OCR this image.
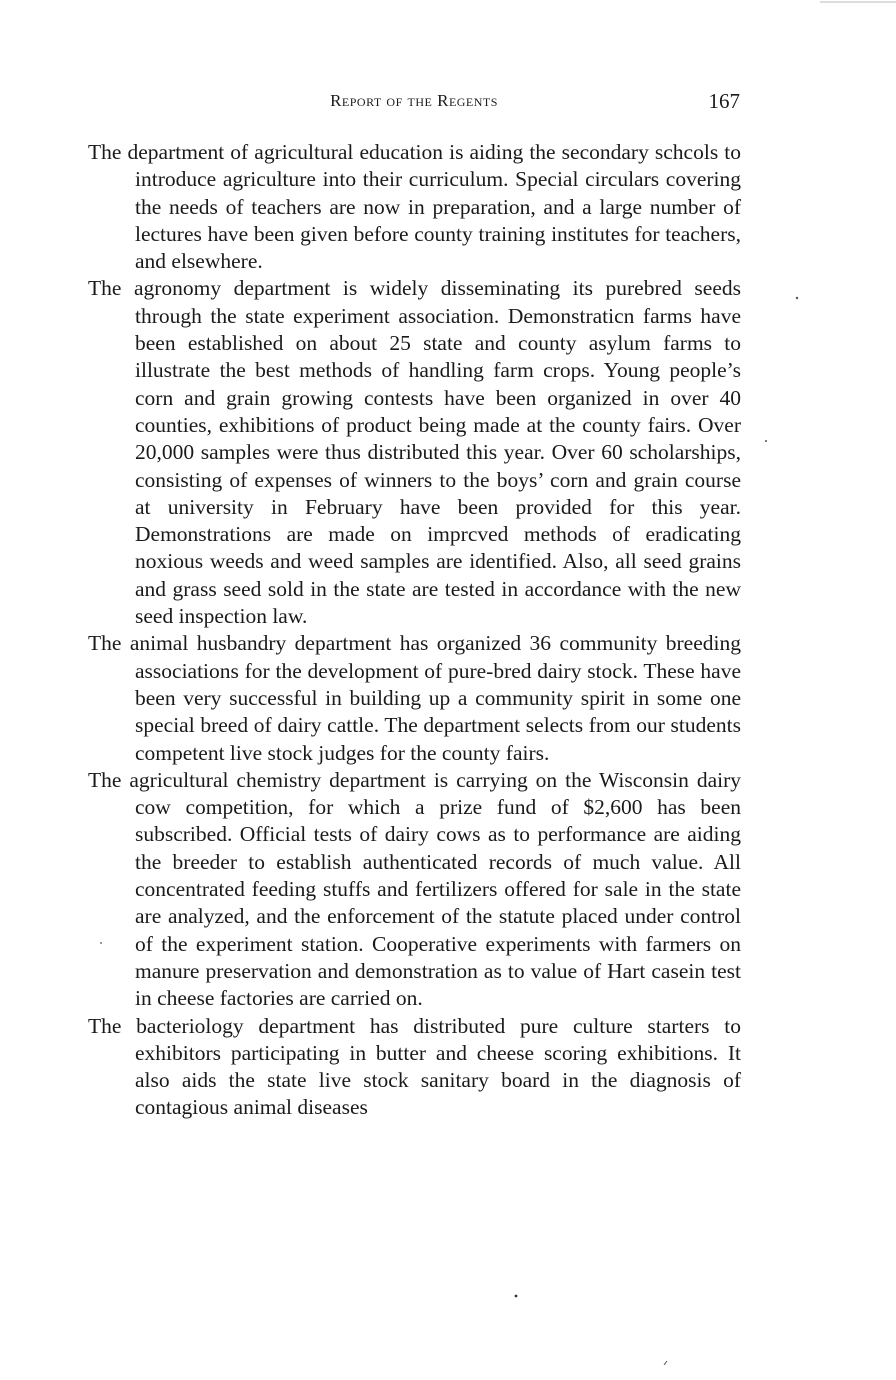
Report of the Regents	167

The department of agricultural education is aiding the secondary schcols to introduce agriculture into their curriculum. Special circulars covering the needs of teachers are now in preparation, and a large number of lectures have been given before county training institutes for teachers, and elsewhere.

The agronomy department is widely disseminating its purebred seeds through the state experiment association. Demonstraticn farms have been established on about 25 state and county asylum farms to illustrate the best methods of handling farm crops. Young people’s corn and grain growing contests have been organized in over 40 counties, exhibitions of product being made at the county fairs. Over 20,000 samples were thus distributed this year. Over 60 scholarships, consisting of expenses of winners to the boys’ corn and grain course at university in February have been provided for this year. Demonstrations are made on imprcved methods of eradicating noxious weeds and weed samples are identified. Also, all seed grains and grass seed sold in the state are tested in accordance with the new seed inspection law.

The animal husbandry department has organized 36 community breeding associations for the development of pure-bred dairy stock. These have been very successful in building up a community spirit in some one special breed of dairy cattle. The department selects from our students competent live stock judges for the county fairs.

The agricultural chemistry department is carrying on the Wisconsin dairy cow competition, for which a prize fund of $2,600 has been subscribed. Official tests of dairy cows as to performance are aiding the breeder to establish authenticated records of much value. All concentrated feeding stuffs and fertilizers offered for sale in the state are analyzed, and the enforcement of the statute placed under control of the experiment station. Cooperative experiments with farmers on manure preservation and demonstration as to value of Hart casein test in cheese factories are carried on.

The bacteriology department has distributed pure culture starters to exhibitors participating in butter and cheese scoring exhibitions. It also aids the state live stock sanitary board in the diagnosis of contagious animal diseases
